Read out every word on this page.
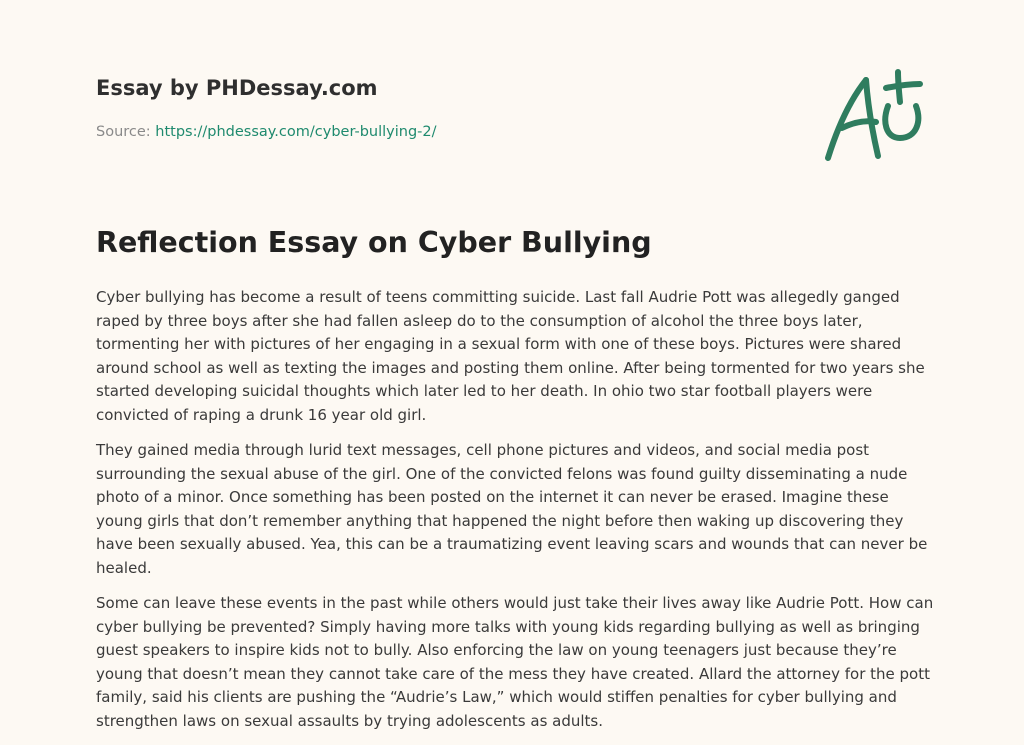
Essay by PHDessay.com
Source: https://phdessay.com/cyber-bullying-2/
Reflection Essay on Cyber Bullying

Cyber bullying has become a result of teens committing suicide. Last fall Audrie Pott was allegedly ganged raped by three boys after she had fallen asleep do to the consumption of alcohol the three boys later, tormenting her with pictures of her engaging in a sexual form with one of these boys. Pictures were shared around school as well as texting the images and posting them online. After being tormented for two years she started developing suicidal thoughts which later led to her death. In ohio two star football players were convicted of raping a drunk 16 year old girl.

They gained media through lurid text messages, cell phone pictures and videos, and social media post surrounding the sexual abuse of the girl. One of the convicted felons was found guilty disseminating a nude photo of a minor. Once something has been posted on the internet it can never be erased. Imagine these young girls that don’t remember anything that happened the night before then waking up discovering they have been sexually abused. Yea, this can be a traumatizing event leaving scars and wounds that can never be healed.

Some can leave these events in the past while others would just take their lives away like Audrie Pott. How can cyber bullying be prevented? Simply having more talks with young kids regarding bullying as well as bringing guest speakers to inspire kids not to bully. Also enforcing the law on young teenagers just because they’re young that doesn’t mean they cannot take care of the mess they have created. Allard the attorney for the pott family, said his clients are pushing the “Audrie’s Law,” which would stiffen penalties for cyber bullying and strengthen laws on sexual assaults by trying adolescents as adults.
